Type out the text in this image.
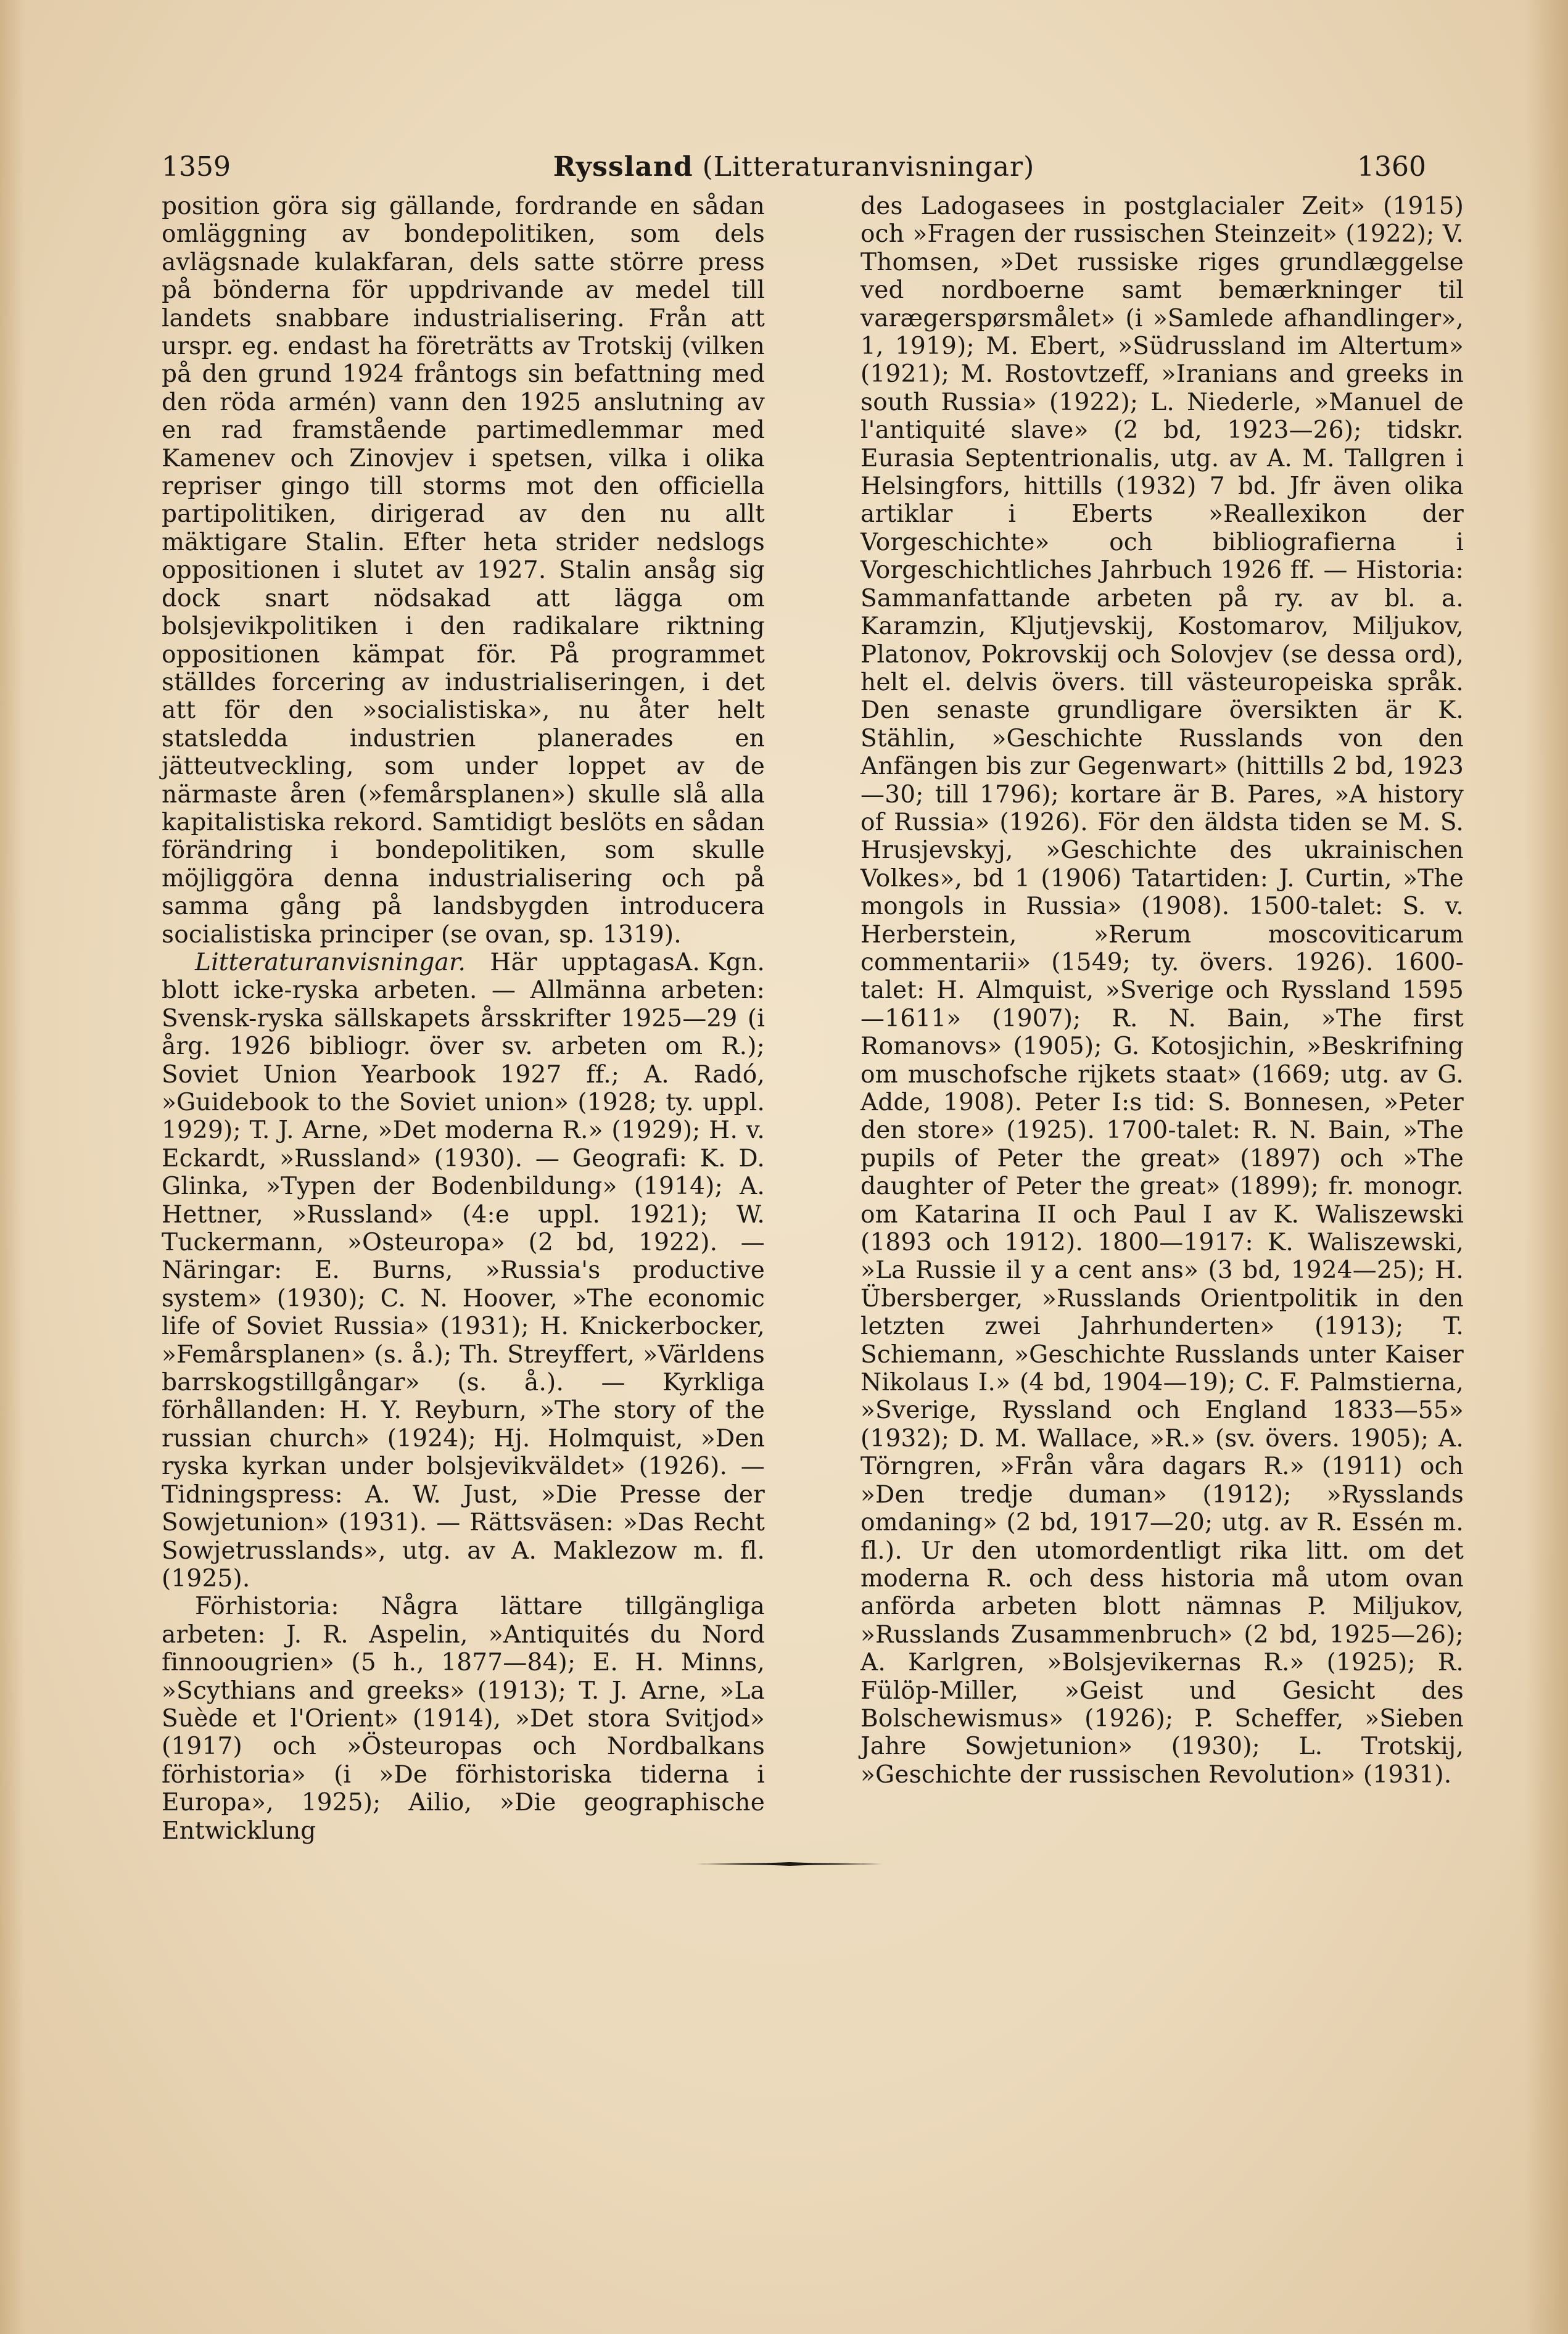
1359	Ryssland (Litteraturanvisningar)	1360

position göra sig gällande, fordrande en sådan omläggning av bondepolitiken, som dels avlägsnade kulakfaran, dels satte större press på bönderna för uppdrivande av medel till landets snabbare industrialisering. Från att urspr. eg. endast ha företrätts av Trotskij (vilken på den grund 1924 fråntogs sin befattning med den röda armén) vann den 1925 anslutning av en rad framstående partimedlemmar med Kamenev och Zinovjev i spetsen, vilka i olika repriser gingo till storms mot den officiella partipolitiken, dirigerad av den nu allt mäktigare Stalin. Efter heta strider nedslogs oppositionen i slutet av 1927. Stalin ansåg sig dock snart nödsakad att lägga om bolsjevikpolitiken i den radikalare riktning oppositionen kämpat för. På programmet ställdes forcering av industrialiseringen, i det att för den »socialistiska», nu åter helt statsledda industrien planerades en jätteutveckling, som under loppet av de närmaste åren (»femårsplanen») skulle slå alla kapitalistiska rekord. Samtidigt beslöts en sådan förändring i bondepolitiken, som skulle möjliggöra denna industrialisering och på samma gång på landsbygden introducera socialistiska principer (se ovan, sp. 1319).
A. Kgn.

Litteraturanvisningar. Här upptagas blott icke-ryska arbeten. — Allmänna arbeten: Svensk-ryska sällskapets årsskrifter 1925—29 (i årg. 1926 bibliogr. över sv. arbeten om R.); Soviet Union Yearbook 1927 ff.; A. Radó, »Guidebook to the Soviet union» (1928; ty. uppl. 1929); T. J. Arne, »Det moderna R.» (1929); H. v. Eckardt, »Russland» (1930). — Geografi: K. D. Glinka, »Typen der Bodenbildung» (1914); A. Hettner, »Russland» (4:e uppl. 1921); W. Tuckermann, »Osteuropa» (2 bd, 1922). — Näringar: E. Burns, »Russia's productive system» (1930); C. N. Hoover, »The economic life of Soviet Russia» (1931); H. Knickerbocker, »Femårsplanen» (s. å.); Th. Streyffert, »Världens barrskogstillgångar» (s. å.). — Kyrkliga förhållanden: H. Y. Reyburn, »The story of the russian church» (1924); Hj. Holmquist, »Den ryska kyrkan under bolsjevikväldet» (1926). — Tidningspress: A. W. Just, »Die Presse der Sowjetunion» (1931). — Rättsväsen: »Das Recht Sowjetrusslands», utg. av A. Maklezow m. fl. (1925).

Förhistoria: Några lättare tillgängliga arbeten: J. R. Aspelin, »Antiquités du Nord finnoougrien» (5 h., 1877—84); E. H. Minns, »Scythians and greeks» (1913); T. J. Arne, »La Suède et l'Orient» (1914), »Det stora Svitjod» (1917) och »Östeuropas och Nordbalkans förhistoria» (i »De förhistoriska tiderna i Europa», 1925); Ailio, »Die geographische Entwicklung

des Ladogasees in postglacialer Zeit» (1915) och »Fragen der russischen Steinzeit» (1922); V. Thomsen, »Det russiske riges grundlæggelse ved nordboerne samt bemærkninger til varægerspørsmålet» (i »Samlede afhandlinger», 1, 1919); M. Ebert, »Südrussland im Altertum» (1921); M. Rostovtzeff, »Iranians and greeks in south Russia» (1922); L. Niederle, »Manuel de l'antiquité slave» (2 bd, 1923—26); tidskr. Eurasia Septentrionalis, utg. av A. M. Tallgren i Helsingfors, hittills (1932) 7 bd. Jfr även olika artiklar i Eberts »Reallexikon der Vorgeschichte» och bibliografierna i Vorgeschichtliches Jahrbuch 1926 ff. — Historia: Sammanfattande arbeten på ry. av bl. a. Karamzin, Kljutjevskij, Kostomarov, Miljukov, Platonov, Pokrovskij och Solovjev (se dessa ord), helt el. delvis övers. till västeuropeiska språk. Den senaste grundligare översikten är K. Stählin, »Geschichte Russlands von den Anfängen bis zur Gegenwart» (hittills 2 bd, 1923—30; till 1796); kortare är B. Pares, »A history of Russia» (1926). För den äldsta tiden se M. S. Hrusjevskyj, »Geschichte des ukrainischen Volkes», bd 1 (1906) Tatartiden: J. Curtin, »The mongols in Russia» (1908). 1500-talet: S. v. Herberstein, »Rerum moscoviticarum commentarii» (1549; ty. övers. 1926). 1600-talet: H. Almquist, »Sverige och Ryssland 1595—1611» (1907); R. N. Bain, »The first Romanovs» (1905); G. Kotosjichin, »Beskrifning om muschofsche rijkets staat» (1669; utg. av G. Adde, 1908). Peter I:s tid: S. Bonnesen, »Peter den store» (1925). 1700-talet: R. N. Bain, »The pupils of Peter the great» (1897) och »The daughter of Peter the great» (1899); fr. monogr. om Katarina II och Paul I av K. Waliszewski (1893 och 1912). 1800—1917: K. Waliszewski, »La Russie il y a cent ans» (3 bd, 1924—25); H. Übersberger, »Russlands Orientpolitik in den letzten zwei Jahrhunderten» (1913); T. Schiemann, »Geschichte Russlands unter Kaiser Nikolaus I.» (4 bd, 1904—19); C. F. Palmstierna, »Sverige, Ryssland och England 1833—55» (1932); D. M. Wallace, »R.» (sv. övers. 1905); A. Törngren, »Från våra dagars R.» (1911) och »Den tredje duman» (1912); »Rysslands omdaning» (2 bd, 1917—20; utg. av R. Essén m. fl.). Ur den utomordentligt rika litt. om det moderna R. och dess historia må utom ovan anförda arbeten blott nämnas P. Miljukov, »Russlands Zusammenbruch» (2 bd, 1925—26); A. Karlgren, »Bolsjevikernas R.» (1925); R. Fülöp-Miller, »Geist und Gesicht des Bolschewismus» (1926); P. Scheffer, »Sieben Jahre Sowjetunion» (1930); L. Trotskij, »Geschichte der russischen Revolution» (1931).
